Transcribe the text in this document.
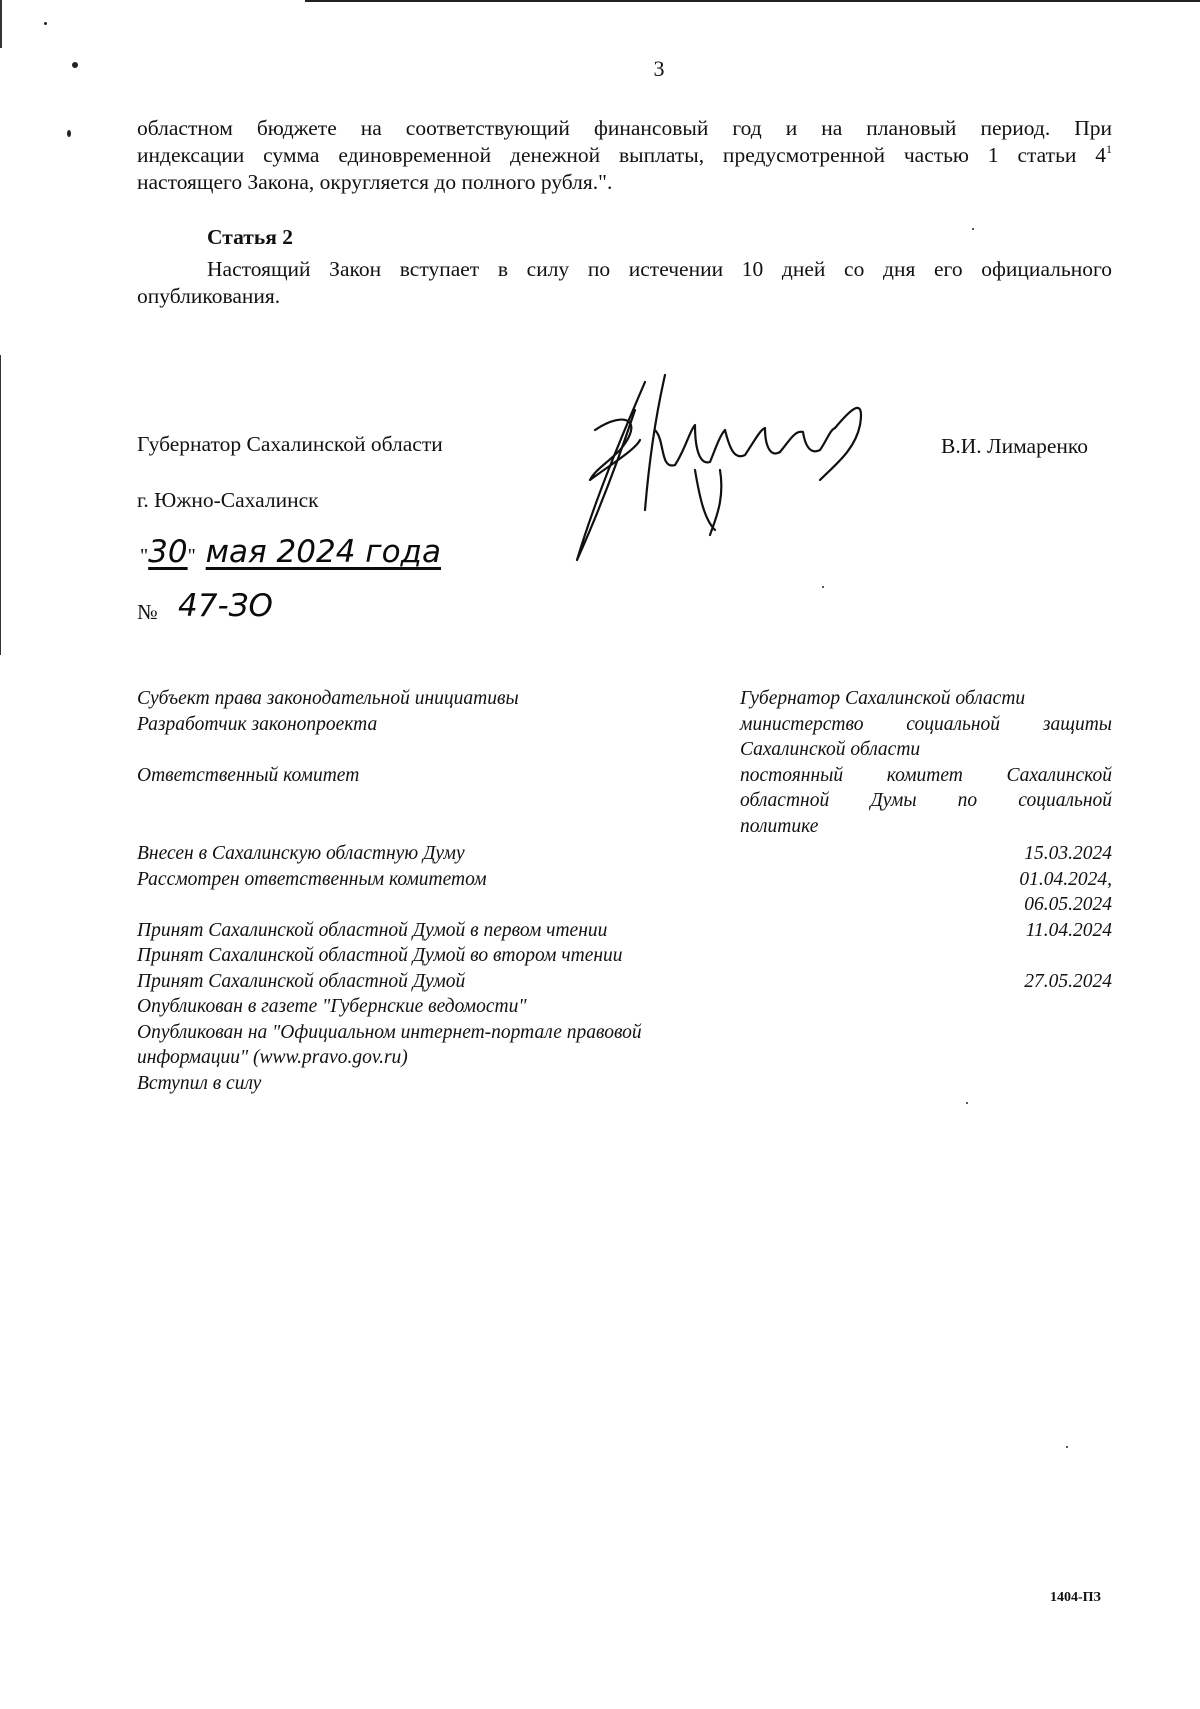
3
областном бюджете на соответствующий финансовый год и на плановый период. При
индексации сумма единовременной денежной выплаты, предусмотренной частью 1 статьи $4^1$
настоящего Закона, округляется до полного рубля.".
Статья 2
Настоящий Закон вступает в силу по истечении 10 дней со дня его официального
опубликования.
Губернатор Сахалинской области	В.И. Лимаренко
г. Южно-Сахалинск
"30" мая 2024 года
№ 47-ЗО
Субъект права законодательной инициативы
Разработчик законопроекта
Ответственный комитет
Губернатор Сахалинской области
министерство социальной защиты
Сахалинской области
постоянный комитет Сахалинской
областной Думы по социальной
политике
Внесен в Сахалинскую областную Думу
Рассмотрен ответственным комитетом
Принят Сахалинской областной Думой в первом чтении
Принят Сахалинской областной Думой во втором чтении
Принят Сахалинской областной Думой
Опубликован в газете "Губернские ведомости"
Опубликован на "Официальном интернет-портале правовой
информации" (www.pravo.gov.ru)
Вступил в силу
15.03.2024
01.04.2024,
06.05.2024
11.04.2024
27.05.2024
1404-ПЗ
